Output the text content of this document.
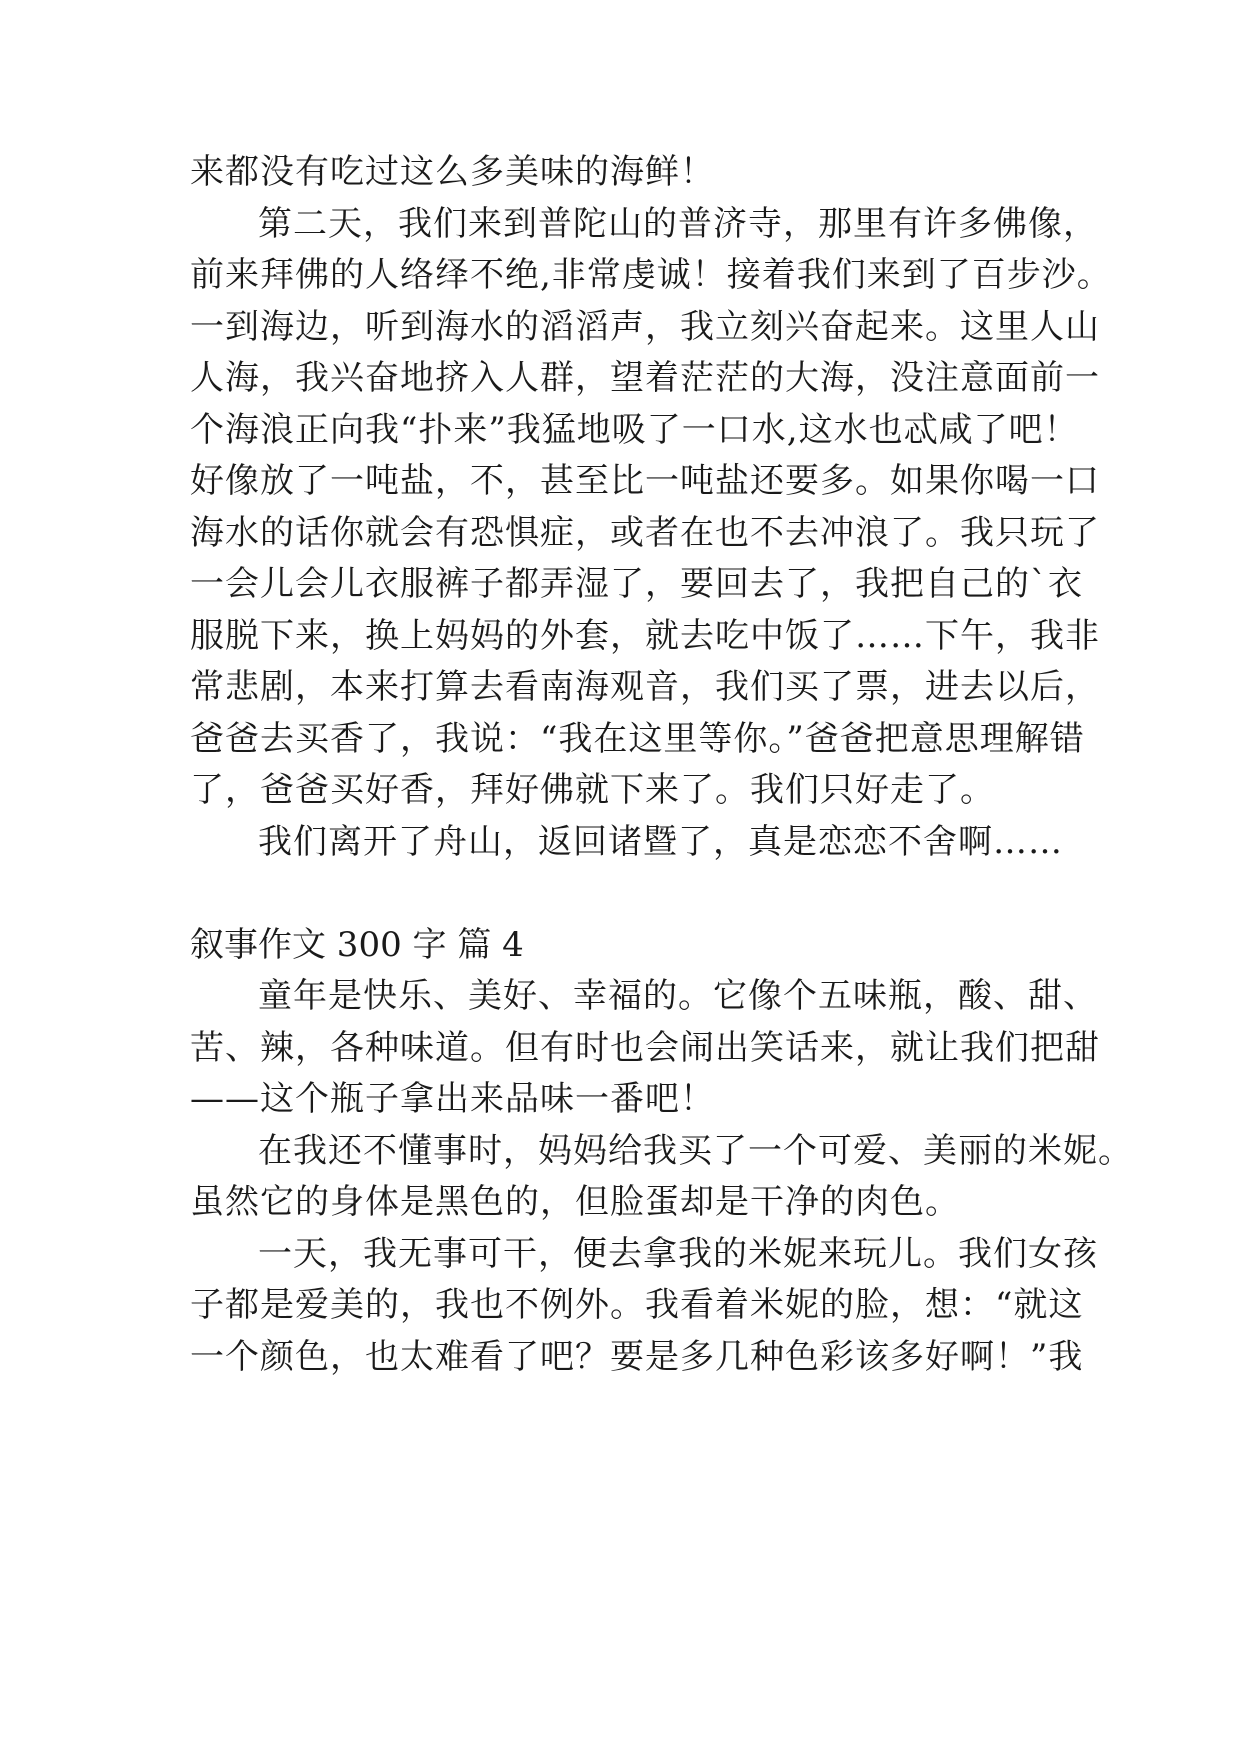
来都没有吃过这么多美味的海鲜！
第二天，我们来到普陀山的普济寺，那里有许多佛像，
前来拜佛的人络绎不绝,非常虔诚！接着我们来到了百步沙。
一到海边，听到海水的滔滔声，我立刻兴奋起来。这里人山
人海，我兴奋地挤入人群，望着茫茫的大海，没注意面前一
个海浪正向我“扑来”我猛地吸了一口水,这水也忒咸了吧！
好像放了一吨盐，不，甚至比一吨盐还要多。如果你喝一口
海水的话你就会有恐惧症，或者在也不去冲浪了。我只玩了
一会儿会儿衣服裤子都弄湿了，要回去了，我把自己的`衣
服脱下来，换上妈妈的外套，就去吃中饭了……下午，我非
常悲剧，本来打算去看南海观音，我们买了票，进去以后，
爸爸去买香了，我说：“我在这里等你。”爸爸把意思理解错
了，爸爸买好香，拜好佛就下来了。我们只好走了。
我们离开了舟山，返回诸暨了，真是恋恋不舍啊……
叙事作文 300 字 篇 4
童年是快乐、美好、幸福的。它像个五味瓶，酸、甜、
苦、辣，各种味道。但有时也会闹出笑话来，就让我们把甜
——这个瓶子拿出来品味一番吧！
在我还不懂事时，妈妈给我买了一个可爱、美丽的米妮。
虽然它的身体是黑色的，但脸蛋却是干净的肉色。
一天，我无事可干，便去拿我的米妮来玩儿。我们女孩
子都是爱美的，我也不例外。我看着米妮的脸，想：“就这
一个颜色，也太难看了吧？要是多几种色彩该多好啊！”我
